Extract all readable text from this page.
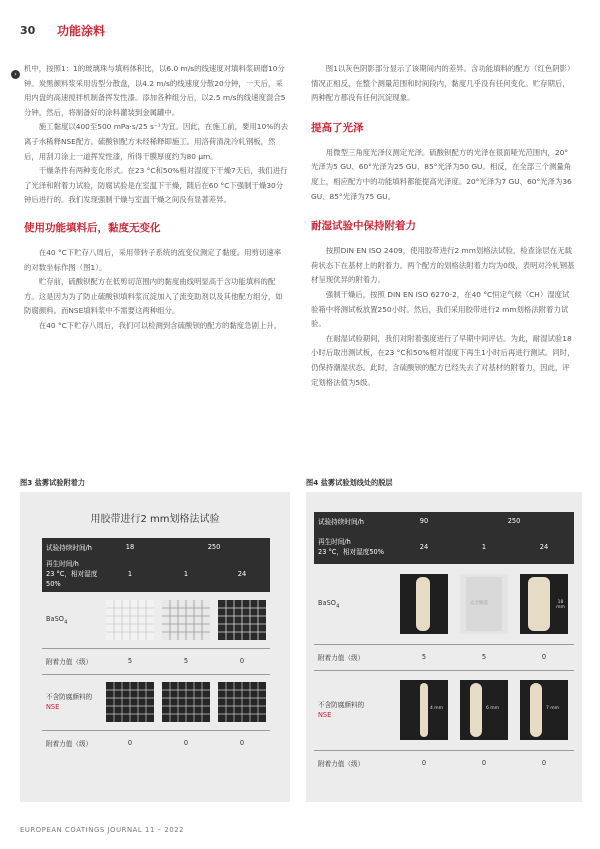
30 功能涂料
›

机中，按照1：1的玻璃珠与填料体积比，以6.0 m/s的线速度对填料浆研磨10分钟。炭黑颜料浆采用齿型分散盘，以4.2 m/s的线速度分散20分钟，一天后，采用内盘的高速搅拌机制备挥发性漆。添加各种组分后，以2.5 m/s的线速度混合5分钟。然后，将制备好的涂料灌装到金属罐中。

施工黏度以400至500 mPa·s/25 s⁻¹为宜。因此，在施工前，要用10%的去离子水稀释NSE配方。硫酸钡配方未经稀释即施工。用洛荷清洗冷轧钢板，然后，用刮刀涂上一道挥发性漆，所得干膜厚度约为80 μm。

干燥条件有两种变化形式。在23 °C和50%相对湿度下干燥7天后，我们进行了光泽和附着力试验，防腐试验是在室温下干燥，随后在60 °C下强制干燥30分钟后进行的。我们发现强制干燥与室温干燥之间没有显著差异。

使用功能填料后，黏度无变化

在40 °C下贮存八周后，采用带转子系统的流变仪测定了黏度。用剪切速率的对数坐标作图（图1）。

贮存前，硫酸钡配方在低剪切范围内的黏度曲线明显高于含功能填料的配方。这是因为为了防止硫酸钡填料浆沉淀加入了流变助剂以及其他配方组分，如防腐颜料。而NSE填料浆中不需要这两种组分。

在40 °C下贮存八周后，我们可以检测到含硫酸钡的配方的黏度急剧上升。

图1以灰色阴影部分显示了该期间内的差异。含功能填料的配方（红色阴影）情况正相反，在整个测量范围和时间段内，黏度几乎没有任何变化。贮存期后，两种配方都没有任何沉淀现象。

提高了光泽

用微型三角度光泽仪测定光泽。硫酸钡配方的光泽在很面哑光范围内，20°光泽为5 GU、60°光泽为25 GU、85°光泽为50 GU。相反，在全部三个测量角度上，相应配方中的功能填料都能提高光泽度。20°光泽为7 GU、60°光泽为36 GU、85°光泽为75 GU。

耐湿试验中保持附着力

按照DIN EN ISO 2409，使用胶带进行2 mm划格法试验，检查涂层在无载荷状态下在基材上的附着力。两个配方的划格法附着力均为0级，表明对冷轧钢基材呈现优异的附着力。

强制干燥后，按照 DIN EN ISO 6270-2，在40 °C恒定气候（CH）湿度试验箱中将测试板放置250小时。然后，我们采用胶带进行2 mm划格法附着力试验。

在耐湿试验期间，我们对附着强度进行了早期中间评估。为此，耐湿试验18小时后取出测试板，在23 °C和50%相对湿度下再生1小时后再进行测试。同时，仍保持潮湿状态。此时，含硫酸钡的配方已经失去了对基材的附着力，因此，评定划格法值为5级。

图3 盐雾试验附着力
用胶带进行2 mm划格法试验
试验持续时间/h	18	250	
再生时间/h
23 °C，相对湿度50%	1	1	24
BaSO$_4$			
附着力值（级）	5	5	0
不含防腐颜料的
NSE			
附着力值（级）	0	0	0
图4 盐雾试验划线处的脱层
试验持续时间/h	90	250	
再生时间/h
23 °C，相对湿度50%	24	1	24
BaSO$_4$		完全脱落	18 mm

附着力值（级）	5	5	0
不含防腐颜料的
NSE	4 mm	6 mm	7 mm

附着力值（级）	0	0	0
EUROPEAN COATINGS JOURNAL 11 – 2022
